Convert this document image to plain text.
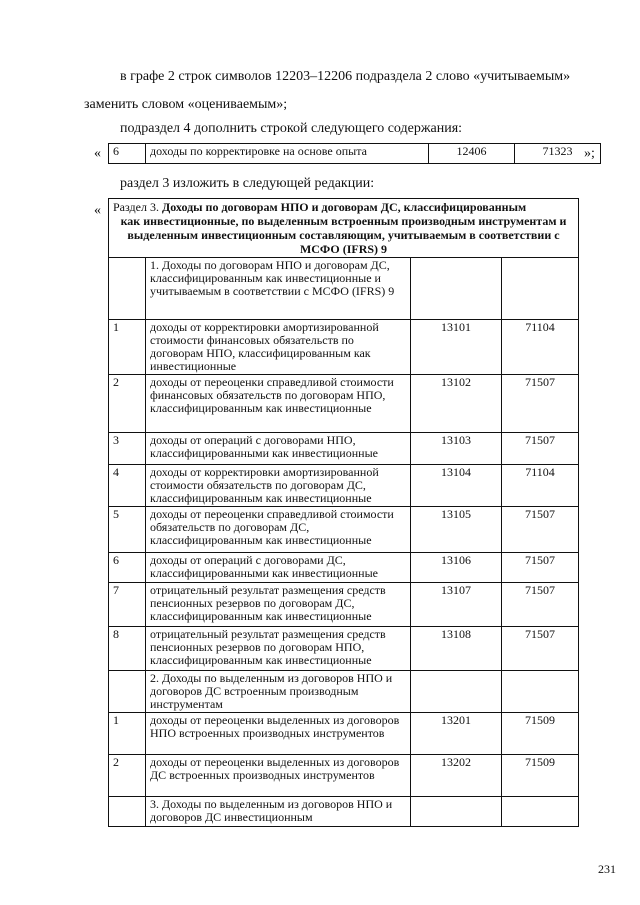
в графе 2 строк символов 12203–12206 подраздела 2 слово «учитываемым»
заменить словом «оцениваемым»;
подраздел 4 дополнить строкой следующего содержания:
« 6	доходы по корректировке на основе опыта	12406	71323 »;
раздел 3 изложить в следующей редакции:
« Раздел 3. Доходы по договорам НПО и договорам ДС, классифицированным
как инвестиционные, по выделенным встроенным производным инструментам и выделенным инвестиционным составляющим, учитываемым в соответствии с МСФО (IFRS) 9			

	1. Доходы по договорам НПО и договорам ДС, классифицированным как инвестиционные и учитываемым в соответствии с МСФО (IFRS) 9		
1	доходы от корректировки амортизированной стоимости финансовых обязательств по договорам НПО, классифицированным как инвестиционные	13101	71104
2	доходы от переоценки справедливой стоимости финансовых обязательств по договорам НПО, классифицированным как инвестиционные	13102	71507
3	доходы от операций с договорами НПО, классифицированными как инвестиционные	13103	71507
4	доходы от корректировки амортизированной стоимости обязательств по договорам ДС, классифицированным как инвестиционные	13104	71104
5	доходы от переоценки справедливой стоимости обязательств по договорам ДС, классифицированным как инвестиционные	13105	71507
6	доходы от операций с договорами ДС, классифицированными как инвестиционные	13106	71507
7	отрицательный результат размещения средств пенсионных резервов по договорам ДС, классифицированным как инвестиционные	13107	71507
8	отрицательный результат размещения средств пенсионных резервов по договорам НПО, классифицированным как инвестиционные	13108	71507
	2. Доходы по выделенным из договоров НПО и договоров ДС встроенным производным инструментам		
1	доходы от переоценки выделенных из договоров НПО встроенных производных инструментов	13201	71509
2	доходы от переоценки выделенных из договоров ДС встроенных производных инструментов	13202	71509
	3. Доходы по выделенным из договоров НПО и договоров ДС инвестиционным		
231
